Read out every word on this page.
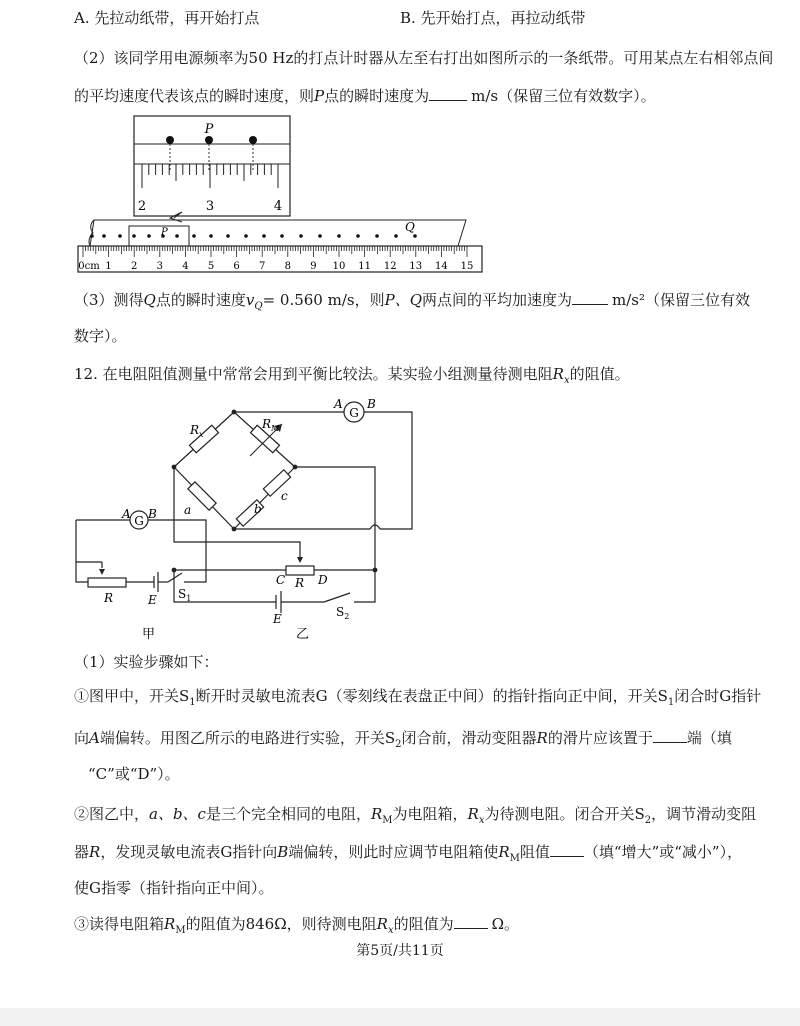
A. 先拉动纸带，再开始打点	B. 先开始打点，再拉动纸带
（2）该同学用电源频率为50 Hz的打点计时器从左至右打出如图所示的一条纸带。可用某点左右相邻点间
的平均速度代表该点的瞬时速度，则P点的瞬时速度为	m/s（保留三位有效数字）。
P
2	3	4
P	Q
0cm 1 2 3 4 5 6 7 8 9 10 11 12 13 14 15
（3）测得Q点的瞬时速度$v_Q= 0.560$ m/s，则P、Q两点间的平均加速度为	m/s²（保留三位有效
数字）。
12. 在电阻阻值测量中常常会用到平衡比较法。某实验小组测量待测电阻$R_x$的阻值。
G
A B
R	E $S_1$
甲
G
A B
$R_x$
$R_M$
b
c
a
C R D
E	$S_2$
乙
（1）实验步骤如下：
①图甲中，开关$S_1$断开时灵敏电流表G（零刻线在表盘正中间）的指针指向正中间，开关$S_1$闭合时G指针
向A端偏转。用图乙所示的电路进行实验，开关$S_2$闭合前，滑动变阻器R的滑片应该置于 端（填
“C”或“D”）。
②图乙中，a、b、c是三个完全相同的电阻，$R_M$为电阻箱，$R_x$为待测电阻。闭合开关$S_2$，调节滑动变阻
器R，发现灵敏电流表G指针向B端偏转，则此时应调节电阻箱使$R_M$阻值 （填“增大”或“减小”），
使G指零（指针指向正中间）。
③读得电阻箱$R_M$的阻值为846Ω，则待测电阻$R_x$的阻值为	Ω。
第5页/共11页
